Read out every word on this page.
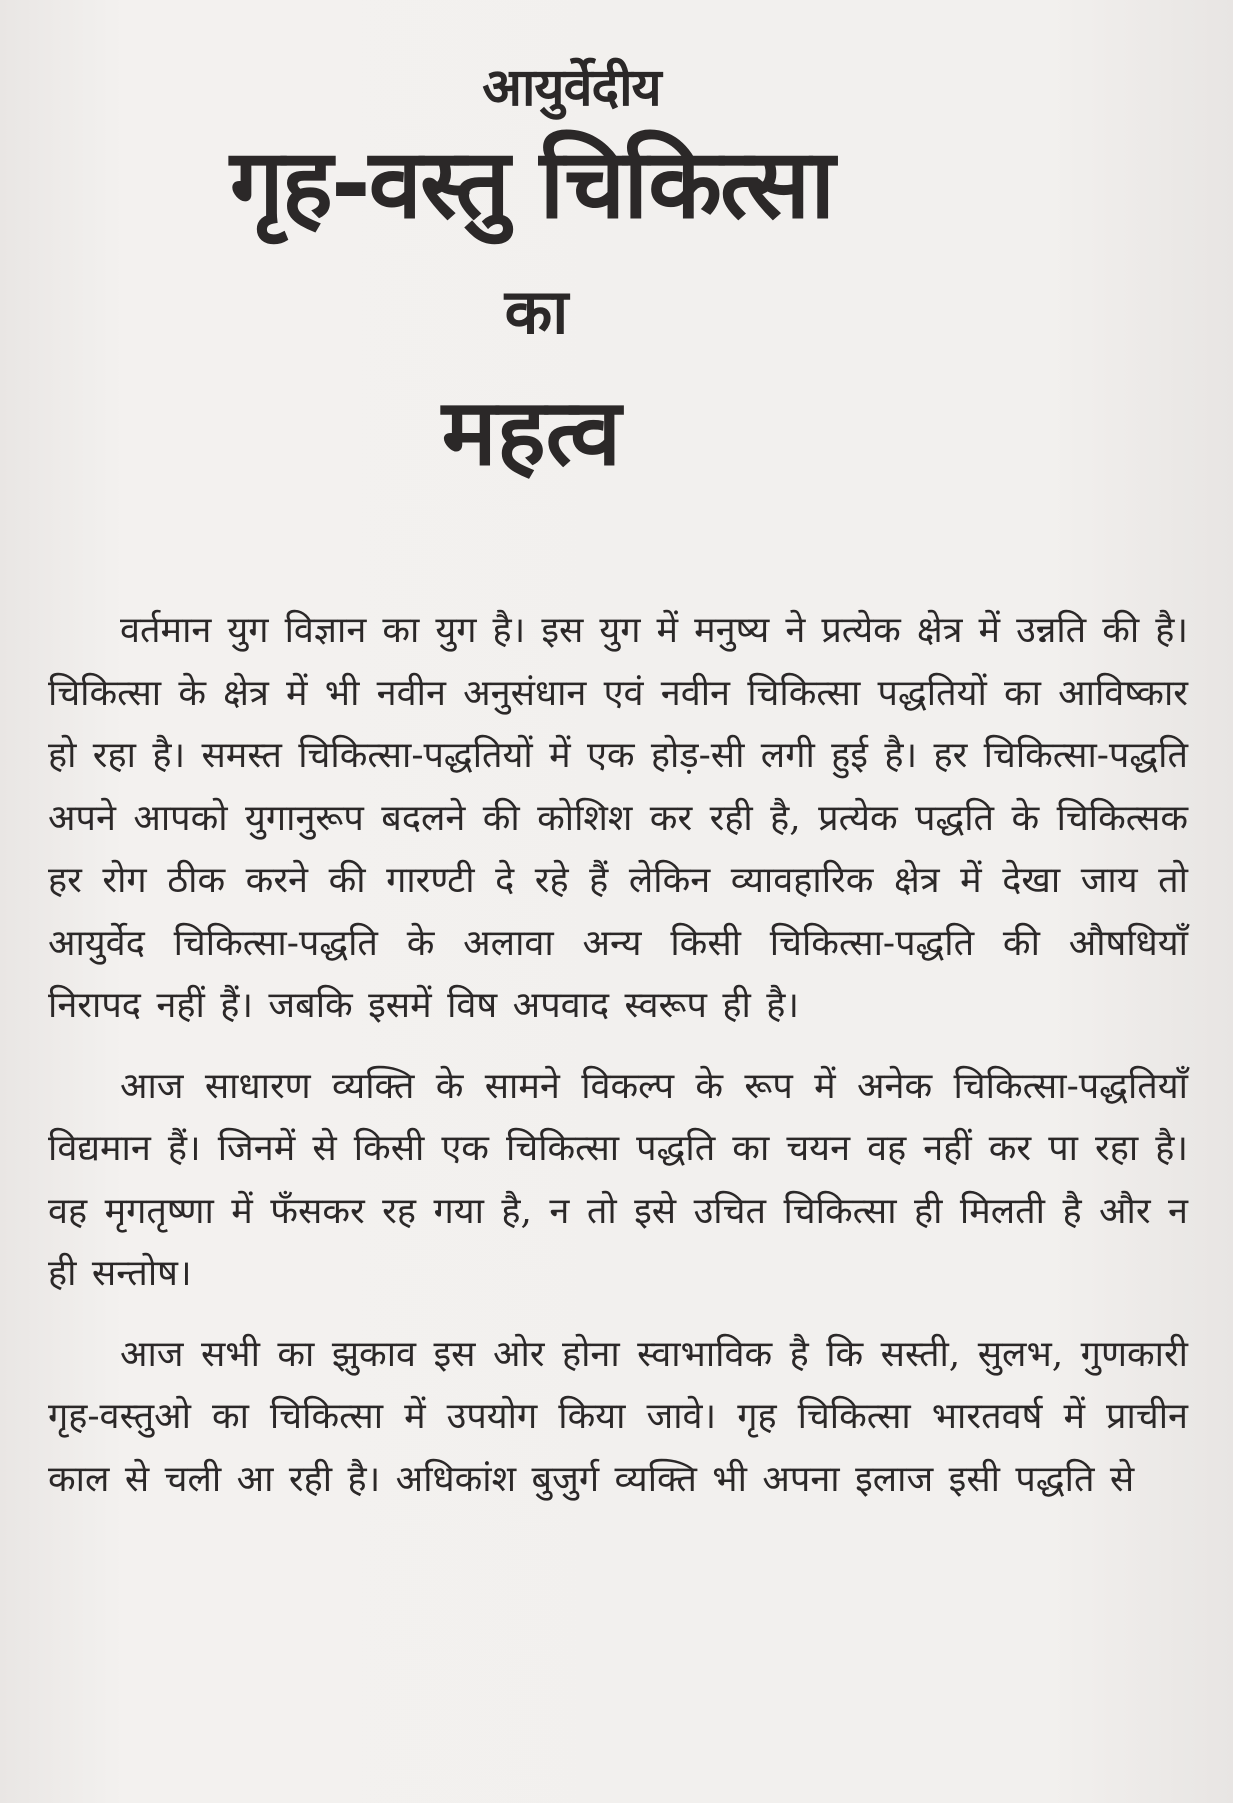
आयुर्वेदीय
गृह-वस्तु चिकित्सा
का
महत्व

वर्तमान युग विज्ञान का युग है। इस युग में मनुष्य ने प्रत्येक क्षेत्र में उन्नति की है। चिकित्सा के क्षेत्र में भी नवीन अनुसंधान एवं नवीन चिकित्सा पद्धतियों का आविष्कार हो रहा है। समस्त चिकित्सा-पद्धतियों में एक होड़-सी लगी हुई है। हर चिकित्सा-पद्धति अपने आपको युगानुरूप बदलने की कोशिश कर रही है, प्रत्येक पद्धति के चिकित्सक हर रोग ठीक करने की गारण्टी दे रहे हैं लेकिन व्यावहारिक क्षेत्र में देखा जाय तो आयुर्वेद चिकित्सा-पद्धति के अलावा अन्य किसी चिकित्सा-पद्धति की औषधियाँ निरापद नहीं हैं। जबकि इसमें विष अपवाद स्वरूप ही है।

आज साधारण व्यक्ति के सामने विकल्प के रूप में अनेक चिकित्सा-पद्धतियाँ विद्यमान हैं। जिनमें से किसी एक चिकित्सा पद्धति का चयन वह नहीं कर पा रहा है। वह मृगतृष्णा में फँसकर रह गया है, न तो इसे उचित चिकित्सा ही मिलती है और न ही सन्तोष।

आज सभी का झुकाव इस ओर होना स्वाभाविक है कि सस्ती, सुलभ, गुणकारी गृह-वस्तुओ का चिकित्सा में उपयोग किया जावे। गृह चिकित्सा भारतवर्ष में प्राचीन काल से चली आ रही है। अधिकांश बुजुर्ग व्यक्ति भी अपना इलाज इसी पद्धति से
